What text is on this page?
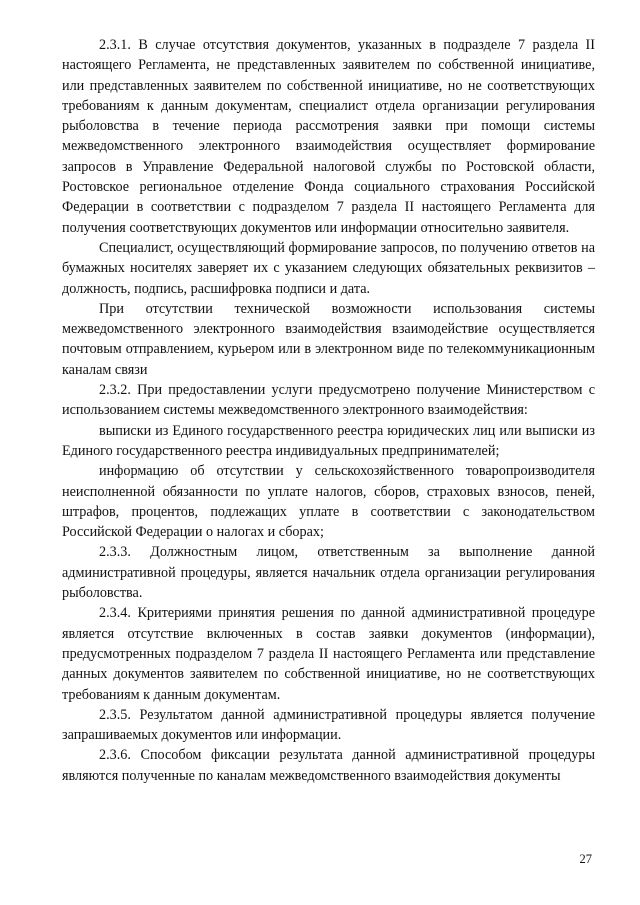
2.3.1. В случае отсутствия документов, указанных в подразделе 7 раздела II настоящего Регламента, не представленных заявителем по собственной инициативе, или представленных заявителем по собственной инициативе, но не соответствующих требованиям к данным документам, специалист отдела организации регулирования рыболовства в течение периода рассмотрения заявки при помощи системы межведомственного электронного взаимодействия осуществляет формирование запросов в Управление Федеральной налоговой службы по Ростовской области, Ростовское региональное отделение Фонда социального страхования Российской Федерации в соответствии с подразделом 7 раздела II настоящего Регламента для получения соответствующих документов или информации относительно заявителя.

Специалист, осуществляющий формирование запросов, по получению ответов на бумажных носителях заверяет их с указанием следующих обязательных реквизитов – должность, подпись, расшифровка подписи и дата.

При отсутствии технической возможности использования системы межведомственного электронного взаимодействия взаимодействие осуществляется почтовым отправлением, курьером или в электронном виде по телекоммуникационным каналам связи

2.3.2. При предоставлении услуги предусмотрено получение Министерством с использованием системы межведомственного электронного взаимодействия:

выписки из Единого государственного реестра юридических лиц или выписки из Единого государственного реестра индивидуальных предпринимателей;

информацию об отсутствии у сельскохозяйственного товаропроизводителя неисполненной обязанности по уплате налогов, сборов, страховых взносов, пеней, штрафов, процентов, подлежащих уплате в соответствии с законодательством Российской Федерации о налогах и сборах;

2.3.3. Должностным лицом, ответственным за выполнение данной административной процедуры, является начальник отдела организации регулирования рыболовства.

2.3.4. Критериями принятия решения по данной административной процедуре является отсутствие включенных в состав заявки документов (информации), предусмотренных подразделом 7 раздела II настоящего Регламента или представление данных документов заявителем по собственной инициативе, но не соответствующих требованиям к данным документам.

2.3.5. Результатом данной административной процедуры является получение запрашиваемых документов или информации.

2.3.6. Способом фиксации результата данной административной процедуры являются полученные по каналам межведомственного взаимодействия документы

27
